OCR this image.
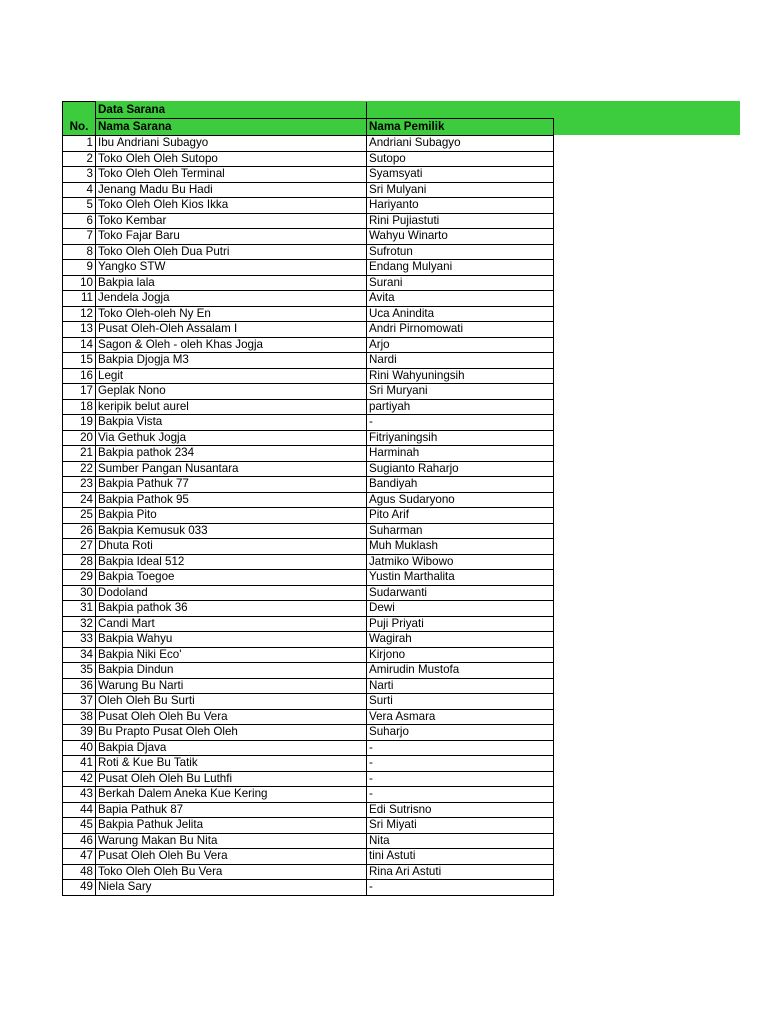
	Data Sarana	
No.	Nama Sarana	Nama Pemilik
1	Ibu Andriani Subagyo	Andriani Subagyo
2	Toko Oleh Oleh Sutopo	Sutopo
3	Toko Oleh Oleh Terminal	Syamsyati
4	Jenang Madu Bu Hadi	Sri Mulyani
5	Toko Oleh Oleh Kios Ikka	Hariyanto
6	Toko Kembar	Rini Pujiastuti
7	Toko Fajar Baru	Wahyu Winarto
8	Toko Oleh Oleh Dua Putri	Sufrotun
9	Yangko STW	Endang Mulyani
10	Bakpia lala	Surani
11	Jendela Jogja	Avita
12	Toko Oleh-oleh Ny En	Uca Anindita
13	Pusat Oleh-Oleh Assalam I	Andri Pirnomowati
14	Sagon & Oleh - oleh Khas Jogja	Arjo
15	Bakpia Djogja M3	Nardi
16	Legit	Rini Wahyuningsih
17	Geplak Nono	Sri Muryani
18	keripik belut aurel	partiyah
19	Bakpia Vista	-
20	Via Gethuk Jogja	Fitriyaningsih
21	Bakpia pathok 234	Harminah
22	Sumber Pangan Nusantara	Sugianto Raharjo
23	Bakpia Pathuk 77	Bandiyah
24	Bakpia Pathok 95	Agus Sudaryono
25	Bakpia Pito	Pito Arif
26	Bakpia Kemusuk 033	Suharman
27	Dhuta Roti	Muh Muklash
28	Bakpia Ideal 512	Jatmiko Wibowo
29	Bakpia Toegoe	Yustin Marthalita
30	Dodoland	Sudarwanti
31	Bakpia pathok 36	Dewi
32	Candi Mart	Puji Priyati
33	Bakpia Wahyu	Wagirah
34	Bakpia Niki Eco'	Kirjono
35	Bakpia Dindun	Amirudin Mustofa
36	Warung Bu Narti	Narti
37	Oleh Oleh Bu Surti	Surti
38	Pusat Oleh Oleh Bu Vera	Vera Asmara
39	Bu Prapto Pusat Oleh Oleh	Suharjo
40	Bakpia Djava	-
41	Roti & Kue Bu Tatik	-
42	Pusat Oleh Oleh Bu Luthfi	-
43	Berkah Dalem Aneka Kue Kering	-
44	Bapia Pathuk 87	Edi Sutrisno
45	Bakpia Pathuk Jelita	Sri Miyati
46	Warung Makan Bu Nita	Nita
47	Pusat Oleh Oleh Bu Vera	tini Astuti
48	Toko Oleh Oleh Bu Vera	Rina Ari Astuti
49	Niela Sary	-
